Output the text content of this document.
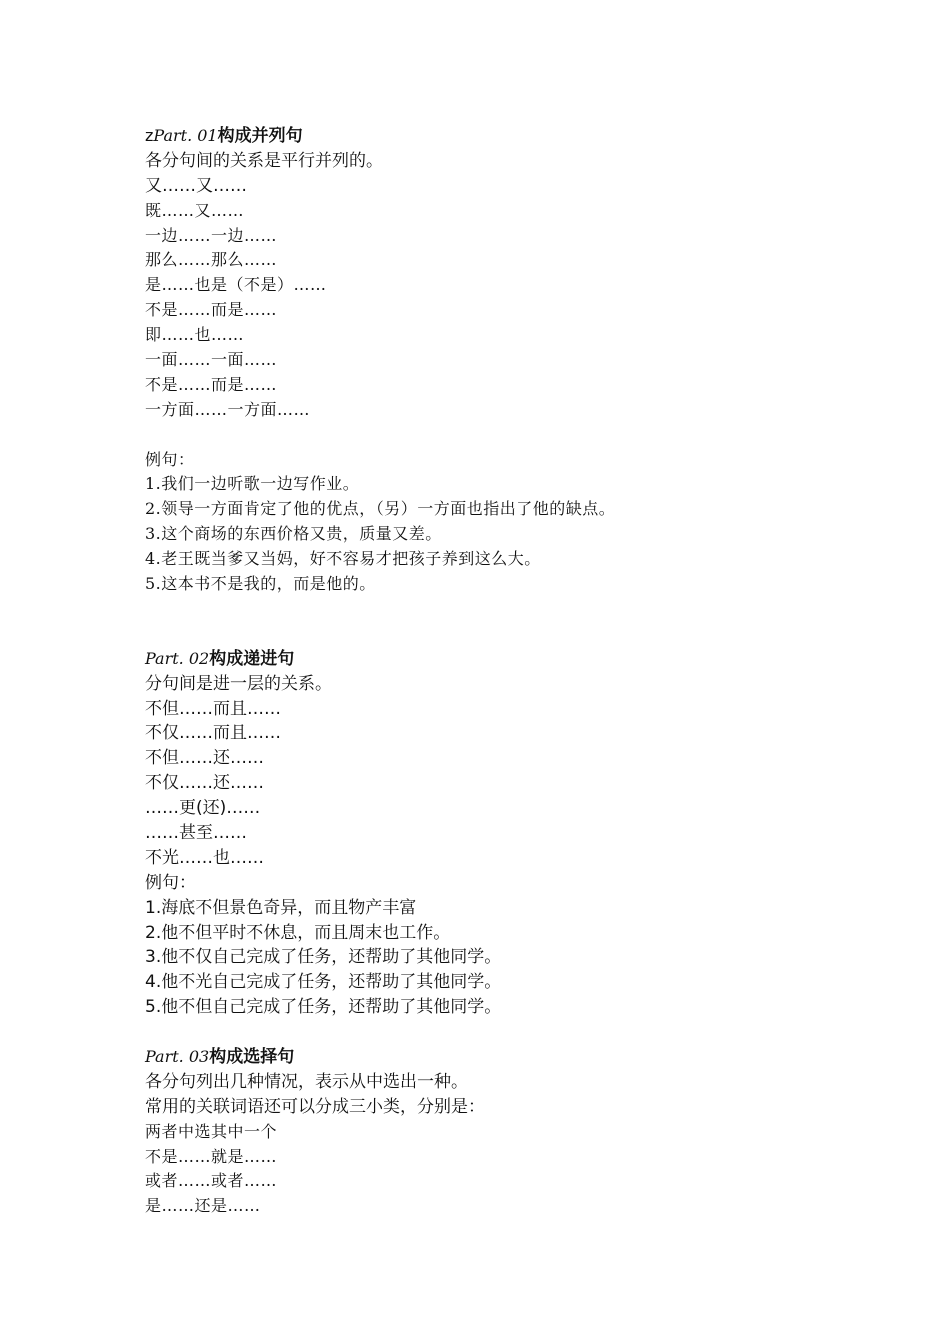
zPart. 01构成并列句
各分句间的关系是平行并列的。
又……又……
既……又……
一边……一边……
那么……那么……
是……也是（不是）……
不是……而是……
即……也……
一面……一面……
不是……而是……
一方面……一方面……
例句：
1.我们一边听歌一边写作业。
2.领导一方面肯定了他的优点，（另）一方面也指出了他的缺点。
3.这个商场的东西价格又贵，质量又差。
4.老王既当爹又当妈，好不容易才把孩子养到这么大。
5.这本书不是我的，而是他的。
Part. 02构成递进句
分句间是进一层的关系。
不但……而且……
不仅……而且……
不但……还……
不仅……还……
……更(还)……
……甚至……
不光……也……
例句：
1.海底不但景色奇异，而且物产丰富
2.他不但平时不休息，而且周末也工作。
3.他不仅自己完成了任务，还帮助了其他同学。
4.他不光自己完成了任务，还帮助了其他同学。
5.他不但自己完成了任务，还帮助了其他同学。
Part. 03构成选择句
各分句列出几种情况，表示从中选出一种。
常用的关联词语还可以分成三小类，分别是：
两者中选其中一个
不是……就是……
或者……或者……
是……还是……
